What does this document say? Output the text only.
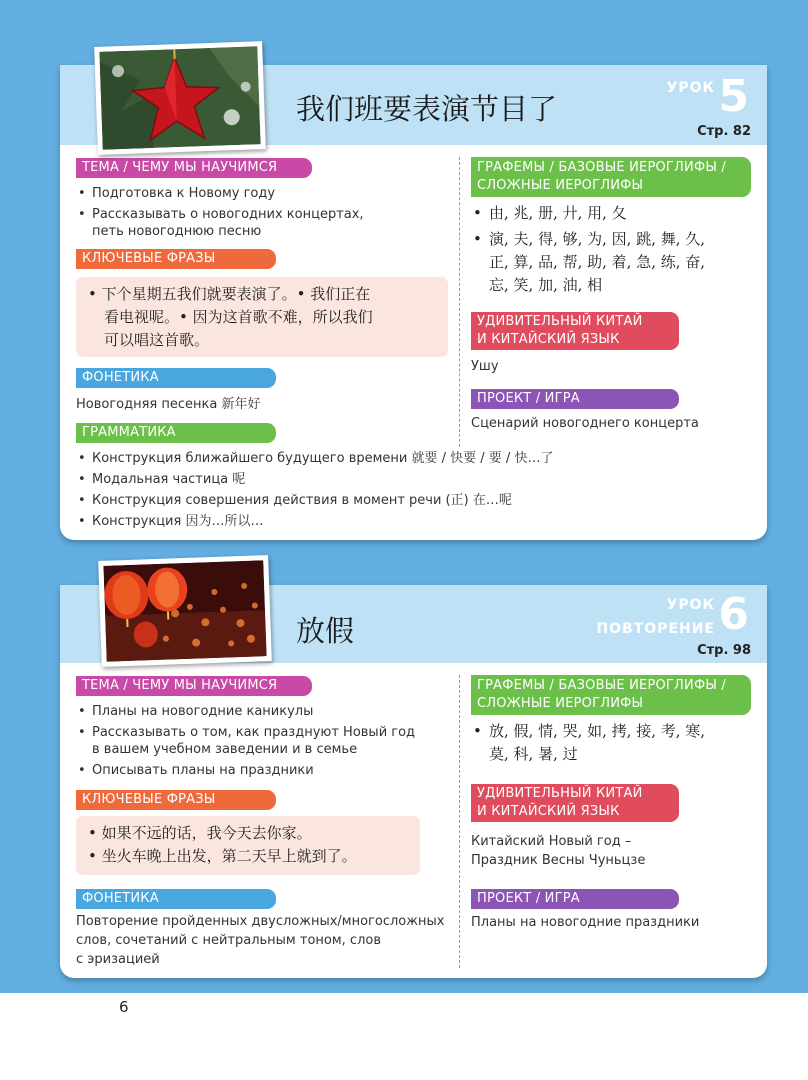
我们班要表演节目了
УРОК 5
Стр. 82
ТЕМА / ЧЕМУ МЫ НАУЧИМСЯ
• Подготовка к Новому году
• Рассказывать о новогодних концертах, петь новогоднюю песню
КЛЮЧЕВЫЕ ФРАЗЫ
• 下个星期五我们就要表演了。• 我们正在
看电视呢。• 因为这首歌不难，所以我们
可以唱这首歌。
ФОНЕТИКА
Новогодняя песенка 新年好
ГРАММАТИКА
• Конструкция ближайшего будущего времени 就要 / 快要 / 要 / 快…了
• Модальная частица 呢
• Конструкция совершения действия в момент речи (正) 在…呢
• Конструкция 因为…所以…
ГРАФЕМЫ / БАЗОВЫЕ ИЕРОГЛИФЫ /
СЛОЖНЫЕ ИЕРОГЛИФЫ
• 由, 兆, 册, 廾, 用, 夂
• 演, 夫, 得, 够, 为, 因, 跳, 舞, 久,
正, 算, 品, 帮, 助, 着, 急, 练, 奋,
忘, 笑, 加, 油, 相
УДИВИТЕЛЬНЫЙ КИТАЙ
И КИТАЙСКИЙ ЯЗЫК
Ушу
ПРОЕКТ / ИГРА
Сценарий новогоднего концерта
放假
УРОК
ПОВТОРЕНИЕ 6
Стр. 98
ТЕМА / ЧЕМУ МЫ НАУЧИМСЯ
• Планы на новогодние каникулы
• Рассказывать о том, как празднуют Новый год в вашем учебном заведении и в семье
• Описывать планы на праздники
КЛЮЧЕВЫЕ ФРАЗЫ
• 如果不远的话，我今天去你家。
• 坐火车晚上出发，第二天早上就到了。
ФОНЕТИКА
Повторение пройденных двусложных/многосложных
слов, сочетаний с нейтральным тоном, слов
с эризацией
ГРАФЕМЫ / БАЗОВЫЕ ИЕРОГЛИФЫ /
СЛОЖНЫЕ ИЕРОГЛИФЫ
• 放, 假, 情, 哭, 如, 拷, 接, 考, 寒,
莫, 科, 暑, 过
УДИВИТЕЛЬНЫЙ КИТАЙ
И КИТАЙСКИЙ ЯЗЫК
Китайский Новый год –
Праздник Весны Чуньцзе
ПРОЕКТ / ИГРА
Планы на новогодние праздники
6
